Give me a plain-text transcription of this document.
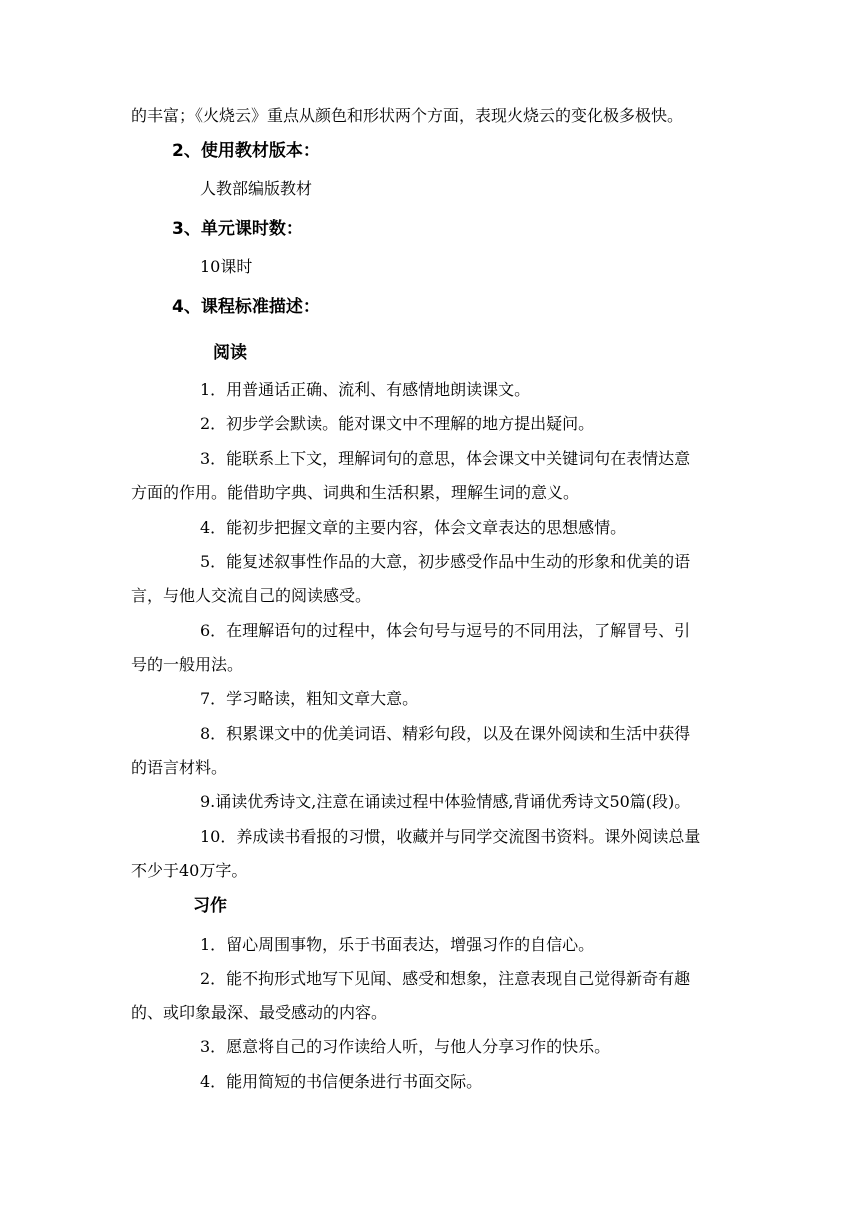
的丰富；《火烧云》重点从颜色和形状两个方面，表现火烧云的变化极多极快。
2、使用教材版本：
人教部编版教材
3、单元课时数：
10课时
4、课程标准描述：
阅读
1．用普通话正确、流利、有感情地朗读课文。
2．初步学会默读。能对课文中不理解的地方提出疑问。
3．能联系上下文，理解词句的意思，体会课文中关键词句在表情达意
方面的作用。能借助字典、词典和生活积累，理解生词的意义。
4．能初步把握文章的主要内容，体会文章表达的思想感情。
5．能复述叙事性作品的大意，初步感受作品中生动的形象和优美的语
言，与他人交流自己的阅读感受。
6．在理解语句的过程中，体会句号与逗号的不同用法，了解冒号、引
号的一般用法。
7．学习略读，粗知文章大意。
8．积累课文中的优美词语、精彩句段，以及在课外阅读和生活中获得
的语言材料。
9.诵读优秀诗文,注意在诵读过程中体验情感,背诵优秀诗文50篇(段)。
10．养成读书看报的习惯，收藏并与同学交流图书资料。课外阅读总量
不少于40万字。
习作
1．留心周围事物，乐于书面表达，增强习作的自信心。
2．能不拘形式地写下见闻、感受和想象，注意表现自己觉得新奇有趣
的、或印象最深、最受感动的内容。
3．愿意将自己的习作读给人听，与他人分享习作的快乐。
4．能用简短的书信便条进行书面交际。
